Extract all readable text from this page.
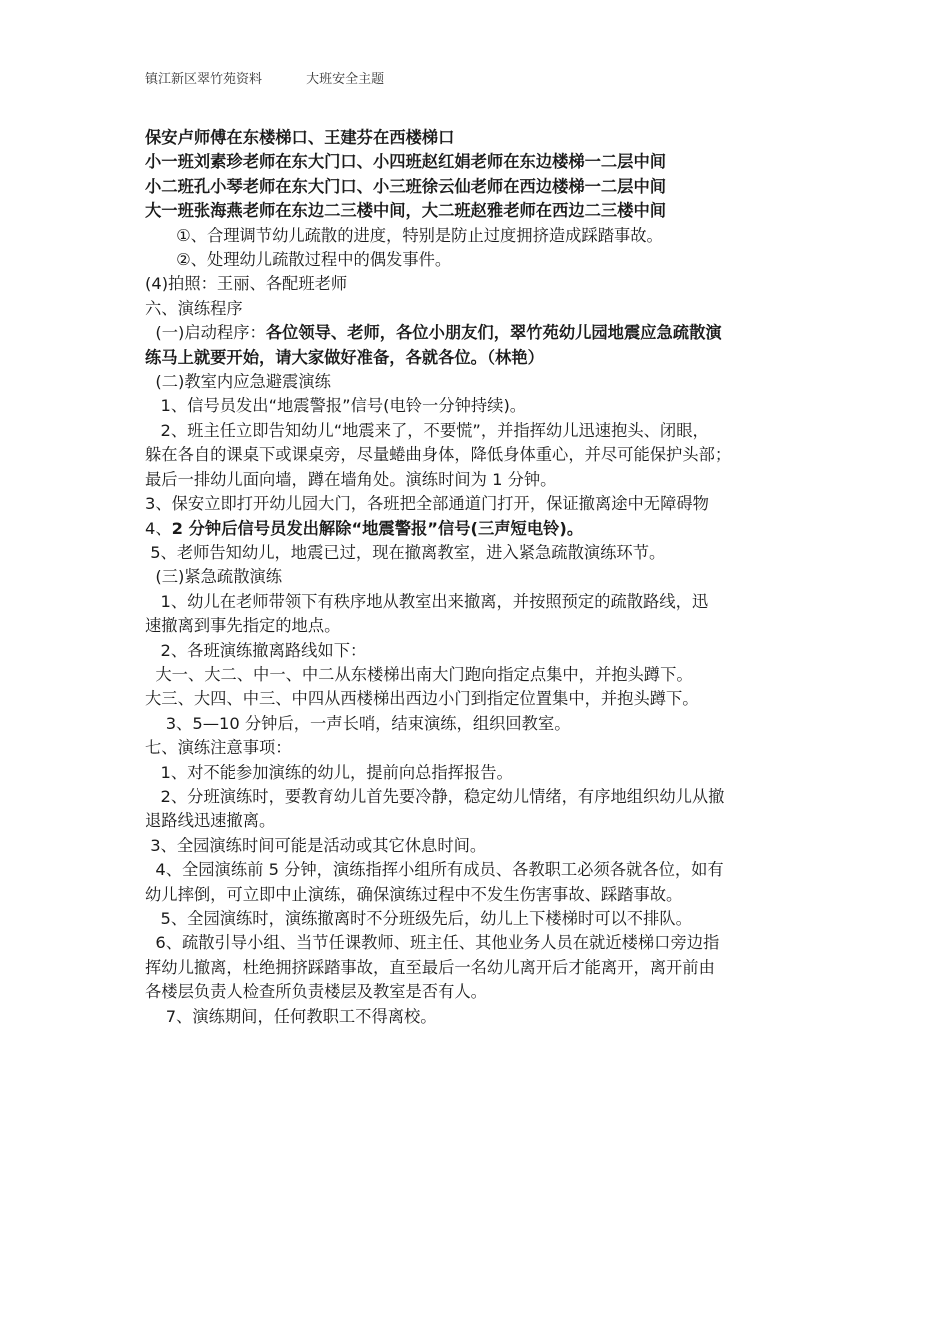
镇江新区翠竹苑资料	大班安全主题
保安卢师傅在东楼梯口、王建芬在西楼梯口
小一班刘素珍老师在东大门口、小四班赵红娟老师在东边楼梯一二层中间
小二班孔小琴老师在东大门口、小三班徐云仙老师在西边楼梯一二层中间
大一班张海燕老师在东边二三楼中间，大二班赵雅老师在西边二三楼中间
①、合理调节幼儿疏散的进度，特别是防止过度拥挤造成踩踏事故。
②、处理幼儿疏散过程中的偶发事件。
(4)拍照：王丽、各配班老师
六、演练程序
(一)启动程序：各位领导、老师，各位小朋友们，翠竹苑幼儿园地震应急疏散演
练马上就要开始，请大家做好准备，各就各位。（林艳）
(二)教室内应急避震演练
1、信号员发出“地震警报”信号(电铃一分钟持续)。
2、班主任立即告知幼儿“地震来了，不要慌”，并指挥幼儿迅速抱头、闭眼，
躲在各自的课桌下或课桌旁，尽量蜷曲身体，降低身体重心，并尽可能保护头部；
最后一排幼儿面向墙，蹲在墙角处。演练时间为 1 分钟。
3、保安立即打开幼儿园大门，各班把全部通道门打开，保证撤离途中无障碍物
4、2 分钟后信号员发出解除“地震警报”信号(三声短电铃)。
5、老师告知幼儿，地震已过，现在撤离教室，进入紧急疏散演练环节。
(三)紧急疏散演练
1、幼儿在老师带领下有秩序地从教室出来撤离，并按照预定的疏散路线，迅
速撤离到事先指定的地点。
2、各班演练撤离路线如下：
大一、大二、中一、中二从东楼梯出南大门跑向指定点集中，并抱头蹲下。
大三、大四、中三、中四从西楼梯出西边小门到指定位置集中，并抱头蹲下。
3、5—10 分钟后，一声长哨，结束演练，组织回教室。
七、演练注意事项：
1、对不能参加演练的幼儿，提前向总指挥报告。
2、分班演练时，要教育幼儿首先要冷静，稳定幼儿情绪，有序地组织幼儿从撤
退路线迅速撤离。
3、全园演练时间可能是活动或其它休息时间。
4、全园演练前 5 分钟，演练指挥小组所有成员、各教职工必须各就各位，如有
幼儿摔倒，可立即中止演练，确保演练过程中不发生伤害事故、踩踏事故。
5、全园演练时，演练撤离时不分班级先后，幼儿上下楼梯时可以不排队。
6、疏散引导小组、当节任课教师、班主任、其他业务人员在就近楼梯口旁边指
挥幼儿撤离，杜绝拥挤踩踏事故，直至最后一名幼儿离开后才能离开，离开前由
各楼层负责人检查所负责楼层及教室是否有人。
7、演练期间，任何教职工不得离校。
